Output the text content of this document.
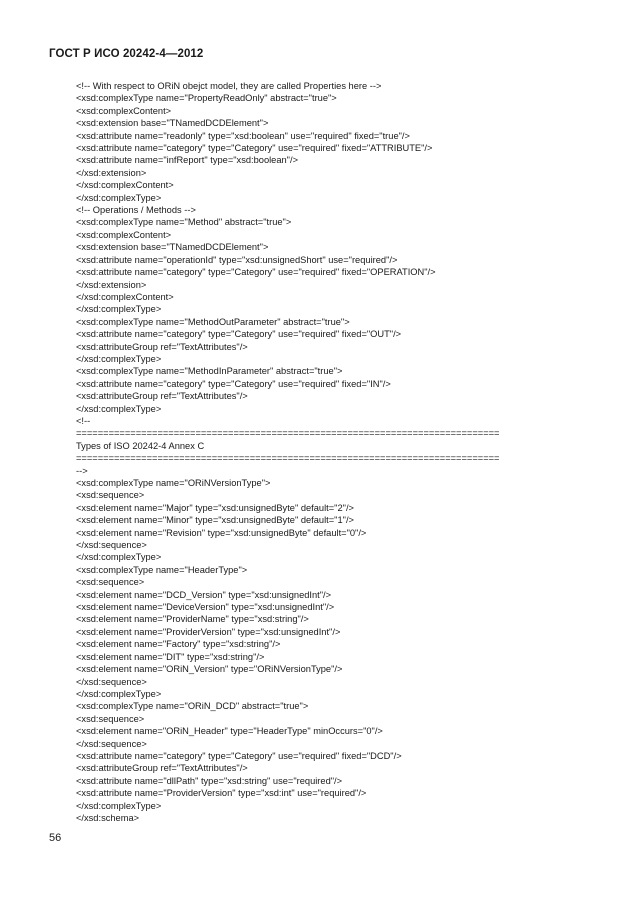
ГОСТ Р ИСО 20242-4—2012
<!-- With respect to ORiN obejct model, they are called Properties here -->
<xsd:complexType name="PropertyReadOnly" abstract="true">
<xsd:complexContent>
<xsd:extension base="TNamedDCDElement">
<xsd:attribute name="readonly" type="xsd:boolean" use="required" fixed="true"/>
<xsd:attribute name="category" type="Category" use="required" fixed="ATTRIBUTE"/>
<xsd:attribute name="infReport" type="xsd:boolean"/>
</xsd:extension>
</xsd:complexContent>
</xsd:complexType>
<!-- Operations / Methods -->
<xsd:complexType name="Method" abstract="true">
<xsd:complexContent>
<xsd:extension base="TNamedDCDElement">
<xsd:attribute name="operationId" type="xsd:unsignedShort" use="required"/>
<xsd:attribute name="category" type="Category" use="required" fixed="OPERATION"/>
</xsd:extension>
</xsd:complexContent>
</xsd:complexType>
<xsd:complexType name="MethodOutParameter" abstract="true">
<xsd:attribute name="category" type="Category" use="required" fixed="OUT"/>
<xsd:attributeGroup ref="TextAttributes"/>
</xsd:complexType>
<xsd:complexType name="MethodInParameter" abstract="true">
<xsd:attribute name="category" type="Category" use="required" fixed="IN"/>
<xsd:attributeGroup ref="TextAttributes"/>
</xsd:complexType>
<!--
==============================================================================
Types of ISO 20242-4 Annex C
==============================================================================
-->
<xsd:complexType name="ORiNVersionType">
<xsd:sequence>
<xsd:element name="Major" type="xsd:unsignedByte" default="2"/>
<xsd:element name="Minor" type="xsd:unsignedByte" default="1"/>
<xsd:element name="Revision" type="xsd:unsignedByte" default="0"/>
</xsd:sequence>
</xsd:complexType>
<xsd:complexType name="HeaderType">
<xsd:sequence>
<xsd:element name="DCD_Version" type="xsd:unsignedInt"/>
<xsd:element name="DeviceVersion" type="xsd:unsignedInt"/>
<xsd:element name="ProviderName" type="xsd:string"/>
<xsd:element name="ProviderVersion" type="xsd:unsignedInt"/>
<xsd:element name="Factory" type="xsd:string"/>
<xsd:element name="DIT" type="xsd:string"/>
<xsd:element name="ORiN_Version" type="ORiNVersionType"/>
</xsd:sequence>
</xsd:complexType>
<xsd:complexType name="ORiN_DCD" abstract="true">
<xsd:sequence>
<xsd:element name="ORiN_Header" type="HeaderType" minOccurs="0"/>
</xsd:sequence>
<xsd:attribute name="category" type="Category" use="required" fixed="DCD"/>
<xsd:attributeGroup ref="TextAttributes"/>
<xsd:attribute name="dllPath" type="xsd:string" use="required"/>
<xsd:attribute name="ProviderVersion" type="xsd:int" use="required"/>
</xsd:complexType>
</xsd:schema>
56
